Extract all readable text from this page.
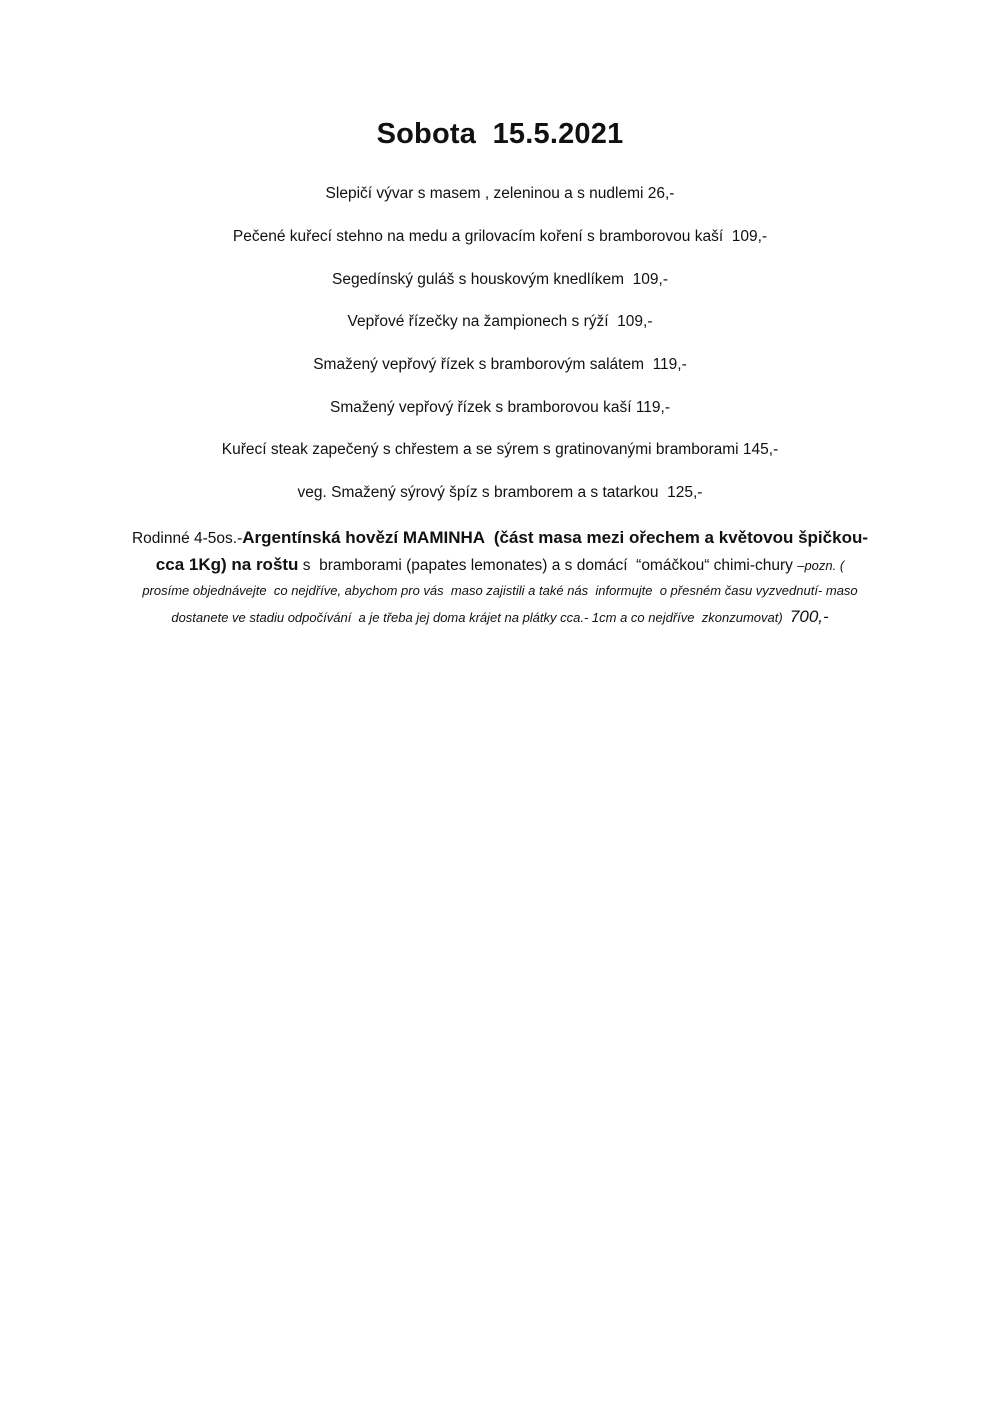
Sobota  15.5.2021
Slepičí vývar s masem , zeleninou a s nudlemi 26,-
Pečené kuřecí stehno na medu a grilovacím koření s bramborovou kaší  109,-
Segedínský guláš s houskovým knedlíkem  109,-
Vepřové řízečky na žampionech s rýží  109,-
Smažený vepřový řízek s bramborovým salátem  119,-
Smažený vepřový řízek s bramborovou kaší 119,-
Kuřecí steak zapečený s chřestem a se sýrem s gratinovanými bramborami 145,-
veg. Smažený sýrový špíz s bramborem a s tatarkou  125,-
Rodinné 4-5os.-Argentínská hovězí MAMINHA  (část masa mezi ořechem a květovou špičkou-
cca 1Kg) na roštu s  bramborami (papates lemonates) a s domácí  “omáčkou“ chimi-chury –pozn. (
prosíme objednávejte  co nejdříve, abychom pro vás  maso zajistili a také nás  informujte  o přesném času vyzvednutí- maso
dostanete ve stadiu odpočívání  a je třeba jej doma krájet na plátky cca.- 1cm a co nejdříve  zkonzumovat)  700,-
